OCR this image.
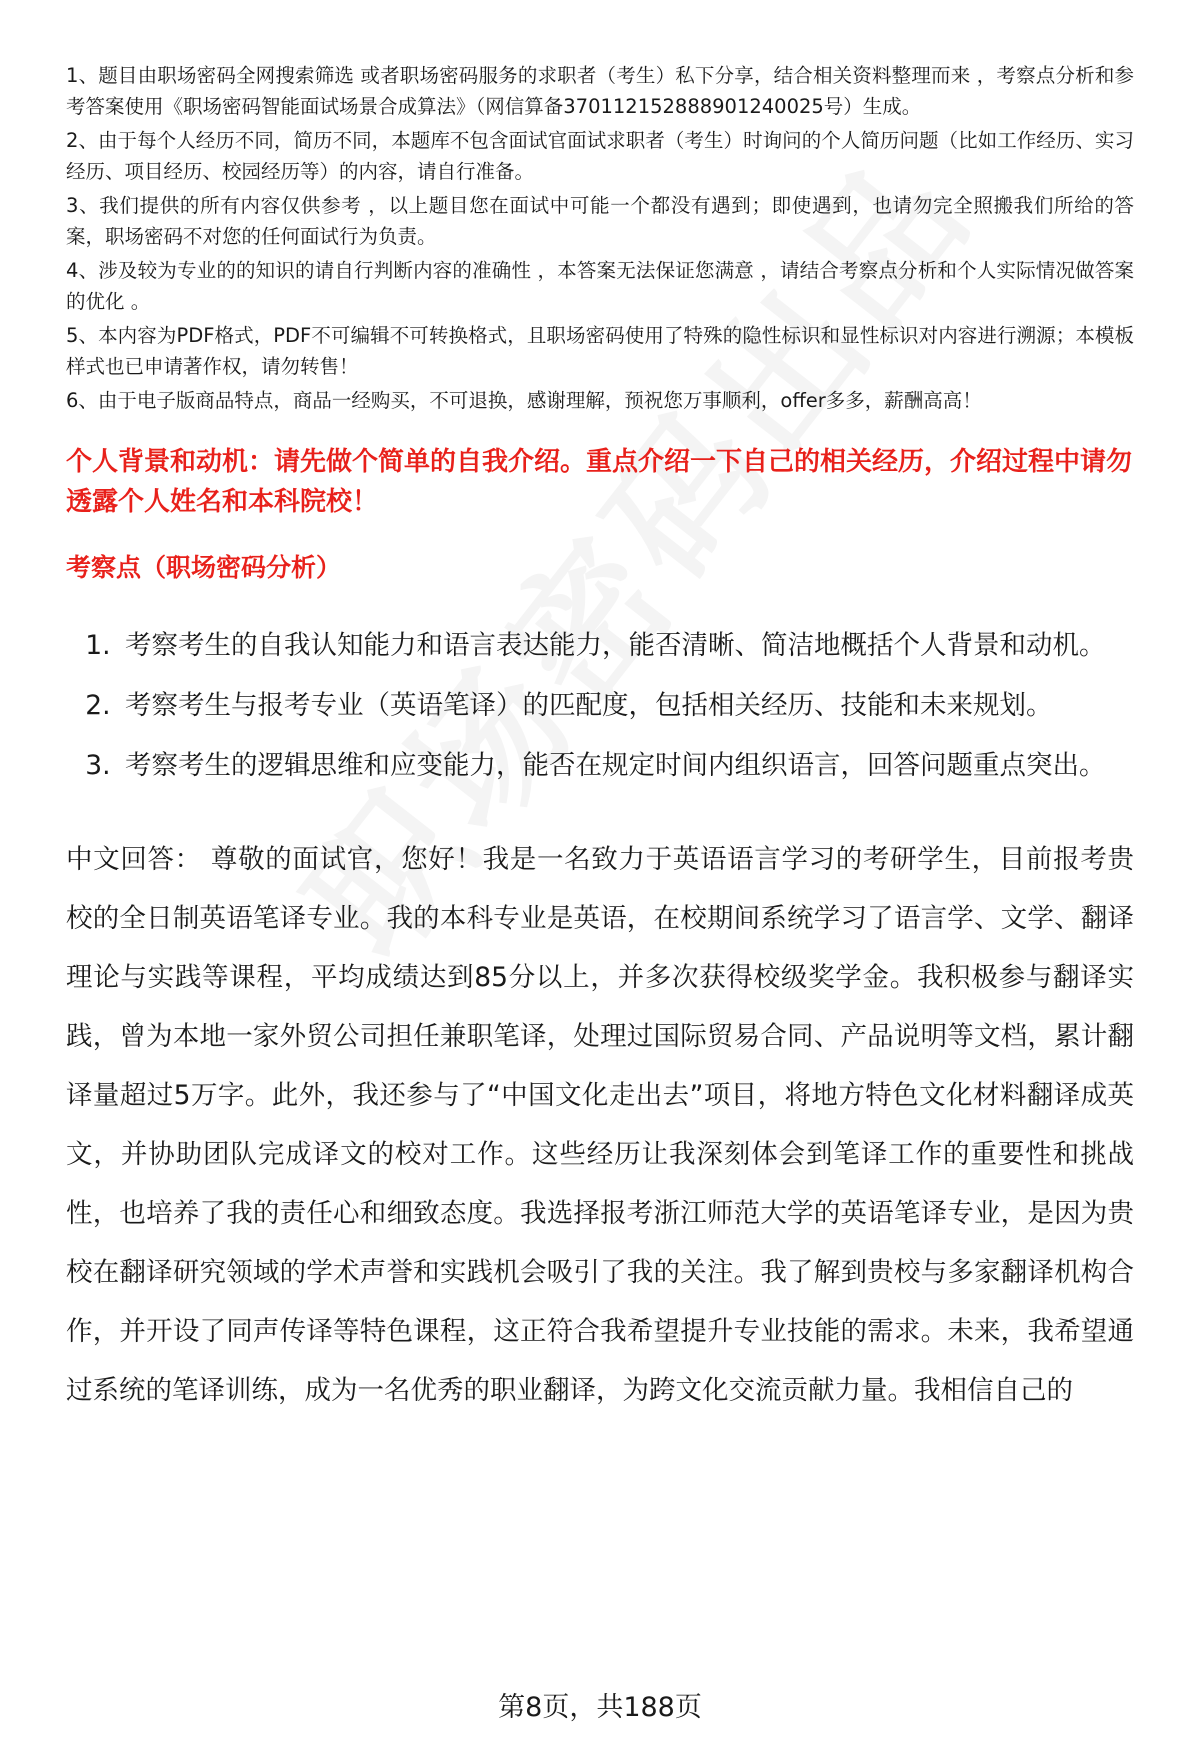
1、题目由职场密码全网搜索筛选 或者职场密码服务的求职者（考生）私下分享，结合相关资料整理而来 ，考察点分析和参考答案使用《职场密码智能面试场景合成算法》（网信算备370112152888901240025号）生成。

2、由于每个人经历不同，简历不同，本题库不包含面试官面试求职者（考生）时询问的个人简历问题（比如工作经历、实习经历、项目经历、校园经历等）的内容，请自行准备。

3、我们提供的所有内容仅供参考 ，以上题目您在面试中可能一个都没有遇到；即使遇到，也请勿完全照搬我们所给的答案，职场密码不对您的任何面试行为负责。

4、涉及较为专业的的知识的请自行判断内容的准确性 ，本答案无法保证您满意 ，请结合考察点分析和个人实际情况做答案的优化 。

5、本内容为PDF格式，PDF不可编辑不可转换格式，且职场密码使用了特殊的隐性标识和显性标识对内容进行溯源；本模板样式也已申请著作权，请勿转售！

6、由于电子版商品特点，商品一经购买，不可退换，感谢理解，预祝您万事顺利，offer多多，薪酬高高！

个人背景和动机：请先做个简单的自我介绍。重点介绍一下自己的相关经历，介绍过程中请勿透露个人姓名和本科院校！
考察点（职场密码分析）
1. 考察考生的自我认知能力和语言表达能力，能否清晰、简洁地概括个人背景和动机。
2. 考察考生与报考专业（英语笔译）的匹配度，包括相关经历、技能和未来规划。
3. 考察考生的逻辑思维和应变能力，能否在规定时间内组织语言，回答问题重点突出。
中文回答： 尊敬的面试官，您好！我是一名致力于英语语言学习的考研学生，目前报考贵校的全日制英语笔译专业。我的本科专业是英语，在校期间系统学习了语言学、文学、翻译理论与实践等课程，平均成绩达到85分以上，并多次获得校级奖学金。我积极参与翻译实践，曾为本地一家外贸公司担任兼职笔译，处理过国际贸易合同、产品说明等文档，累计翻译量超过5万字。此外，我还参与了“中国文化走出去”项目，将地方特色文化材料翻译成英文，并协助团队完成译文的校对工作。这些经历让我深刻体会到笔译工作的重要性和挑战性，也培养了我的责任心和细致态度。我选择报考浙江师范大学的英语笔译专业，是因为贵校在翻译研究领域的学术声誉和实践机会吸引了我的关注。我了解到贵校与多家翻译机构合作，并开设了同声传译等特色课程，这正符合我希望提升专业技能的需求。未来，我希望通过系统的笔译训练，成为一名优秀的职业翻译，为跨文化交流贡献力量。我相信自己的
第8页，共188页
